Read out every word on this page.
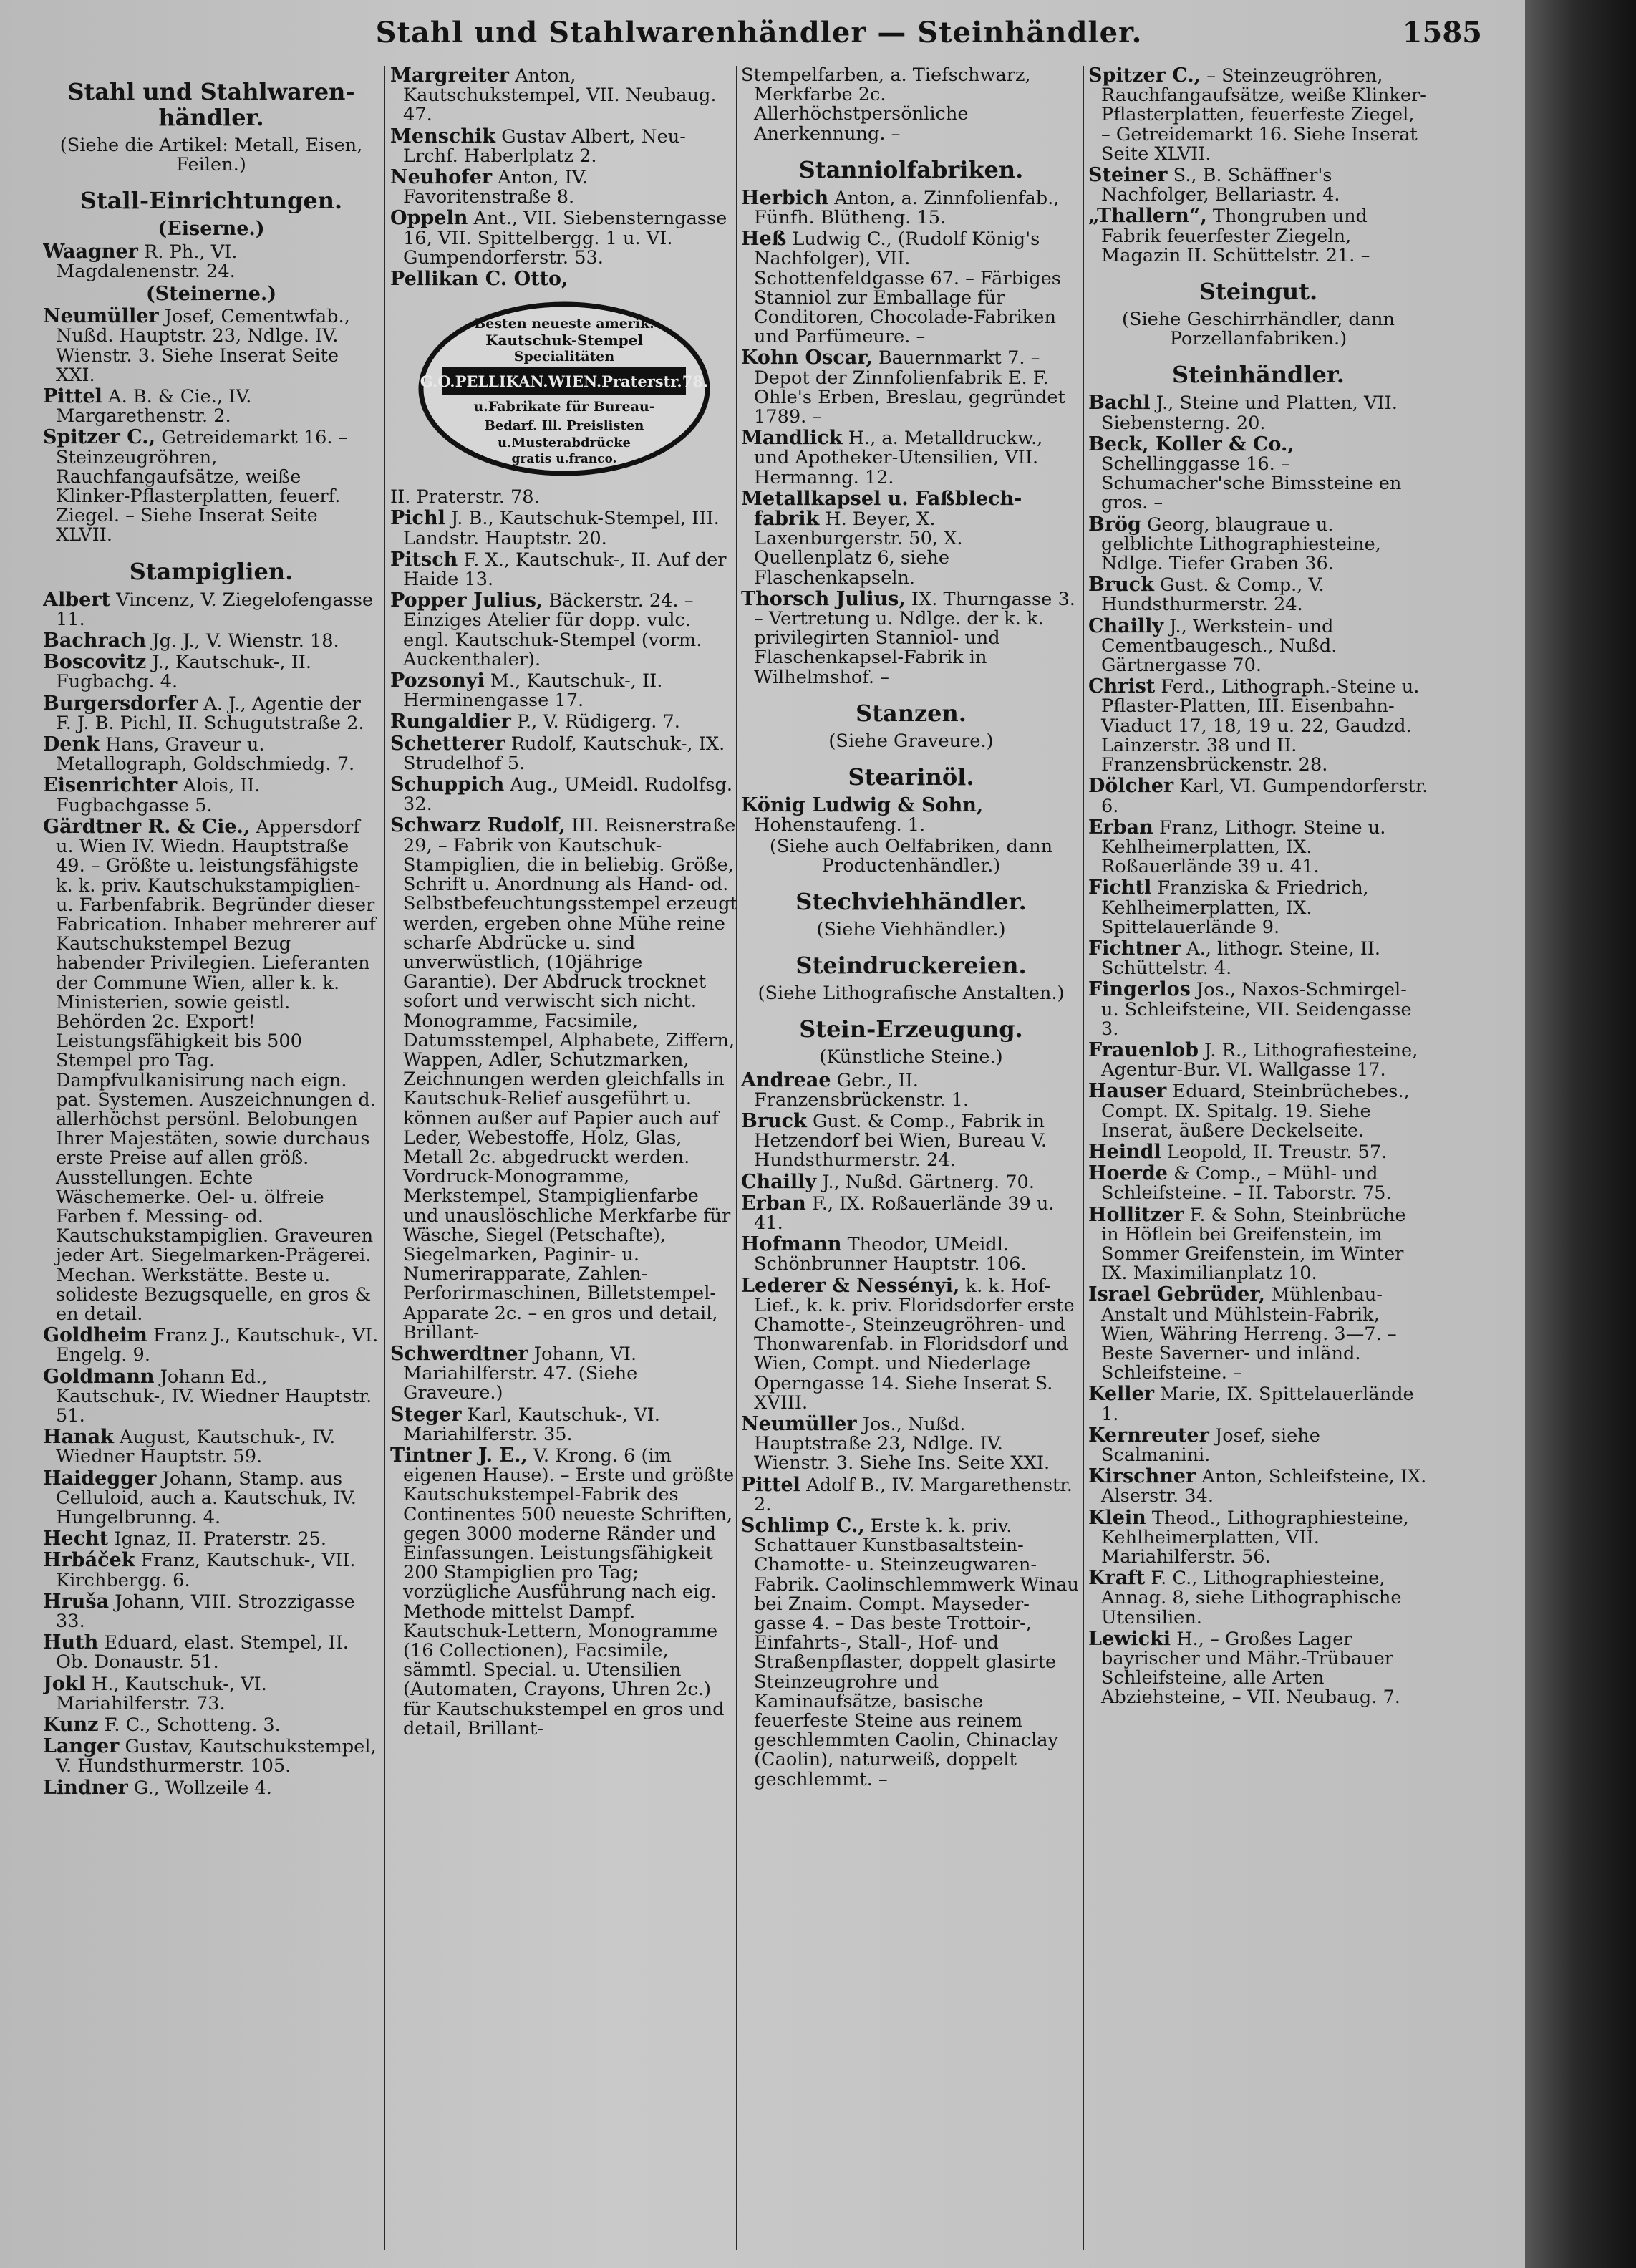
Stahl und Stahlwarenhändler — Steinhändler.	1585
Stahl und Stahlwaren-händler.
(Siehe die Artikel: Metall, Eisen, Feilen.)
Stall-Einrichtungen.
(Eiserne.)
Waagner R. Ph., VI. Magdalenenstr. 24.
(Steinerne.)
Neumüller Josef, Cementwfab., Nußd. Hauptstr. 23, Ndlge. IV. Wienstr. 3. Siehe Inserat Seite XXI.
Pittel A. B. & Cie., IV. Margarethenstr. 2.
Spitzer C., Getreidemarkt 16. – Steinzeugröhren, Rauchfangaufsätze, weiße Klinker-Pflasterplatten, feuerf. Ziegel. – Siehe Inserat Seite XLVII.
Stampiglien.
Albert Vincenz, V. Ziegelofengasse 11.
Bachrach Jg. J., V. Wienstr. 18.
Boscovitz J., Kautschuk-, II. Fugbachg. 4.
Burgersdorfer A. J., Agentie der F. J. B. Pichl, II. Schugutstraße 2.
Denk Hans, Graveur u. Metallograph, Goldschmiedg. 7.
Eisenrichter Alois, II. Fugbachgasse 5.
Gärdtner R. & Cie., Appersdorf u. Wien IV. Wiedn. Hauptstraße 49. – Größte u. leistungsfähigste k. k. priv. Kautschukstampiglien- u. Farbenfabrik. Begründer dieser Fabrication. Inhaber mehrerer auf Kautschukstempel Bezug habender Privilegien. Lieferanten der Commune Wien, aller k. k. Ministerien, sowie geistl. Behörden 2c. Export! Leistungsfähigkeit bis 500 Stempel pro Tag. Dampfvulkanisirung nach eign. pat. Systemen. Auszeichnungen d. allerhöchst persönl. Belobungen Ihrer Majestäten, sowie durchaus erste Preise auf allen größ. Ausstellungen. Echte Wäschemerke. Oel- u. ölfreie Farben f. Messing- od. Kautschukstampiglien. Graveuren jeder Art. Siegelmarken-Prägerei. Mechan. Werkstätte. Beste u. solideste Bezugsquelle, en gros & en detail.
Goldheim Franz J., Kautschuk-, VI. Engelg. 9.
Goldmann Johann Ed., Kautschuk-, IV. Wiedner Hauptstr. 51.
Hanak August, Kautschuk-, IV. Wiedner Hauptstr. 59.
Haidegger Johann, Stamp. aus Celluloid, auch a. Kautschuk, IV. Hungelbrunng. 4.
Hecht Ignaz, II. Praterstr. 25.
Hrbáček Franz, Kautschuk-, VII. Kirchbergg. 6.
Hruša Johann, VIII. Strozzigasse 33.
Huth Eduard, elast. Stempel, II. Ob. Donaustr. 51.
Jokl H., Kautschuk-, VI. Mariahilferstr. 73.
Kunz F. C., Schotteng. 3.
Langer Gustav, Kautschukstempel, V. Hundsthurmerstr. 105.
Lindner G., Wollzeile 4.
Margreiter Anton, Kautschukstempel, VII. Neubaug. 47.
Menschik Gustav Albert, Neu-Lrchf. Haberlplatz 2.
Neuhofer Anton, IV. Favoritenstraße 8.
Oppeln Ant., VII. Siebensterngasse 16, VII. Spittelbergg. 1 u. VI. Gumpendorferstr. 53.
Pellikan C. Otto,
Besten neueste amerik.
Kautschuk-Stempel
Specialitäten
G.O.PELLIKAN.WIEN.Praterstr.78.
u.Fabrikate für Bureau-
Bedarf. Ill. Preislisten
u.Musterabdrücke
gratis u.franco.
II. Praterstr. 78.
Pichl J. B., Kautschuk-Stempel, III. Landstr. Hauptstr. 20.
Pitsch F. X., Kautschuk-, II. Auf der Haide 13.
Popper Julius, Bäckerstr. 24. – Einziges Atelier für dopp. vulc. engl. Kautschuk-Stempel (vorm. Auckenthaler).
Pozsonyi M., Kautschuk-, II. Herminengasse 17.
Rungaldier P., V. Rüdigerg. 7.
Schetterer Rudolf, Kautschuk-, IX. Strudelhof 5.
Schuppich Aug., UMeidl. Rudolfsg. 32.
Schwarz Rudolf, III. Reisnerstraße 29, – Fabrik von Kautschuk-Stampiglien, die in beliebig. Größe, Schrift u. Anordnung als Hand- od. Selbstbefeuchtungsstempel erzeugt werden, ergeben ohne Mühe reine scharfe Abdrücke u. sind unverwüstlich, (10jährige Garantie). Der Abdruck trocknet sofort und verwischt sich nicht. Monogramme, Facsimile, Datumsstempel, Alphabete, Ziffern, Wappen, Adler, Schutzmarken, Zeichnungen werden gleichfalls in Kautschuk-Relief ausgeführt u. können außer auf Papier auch auf Leder, Webestoffe, Holz, Glas, Metall 2c. abgedruckt werden. Vordruck-Monogramme, Merkstempel, Stampiglienfarbe und unauslöschliche Merkfarbe für Wäsche, Siegel (Petschafte), Siegelmarken, Paginir- u. Numerirapparate, Zahlen-Perforirmaschinen, Billetstempel-Apparate 2c. – en gros und detail, Brillant-
Schwerdtner Johann, VI. Mariahilferstr. 47. (Siehe Graveure.)
Steger Karl, Kautschuk-, VI. Mariahilferstr. 35.
Tintner J. E., V. Krong. 6 (im eigenen Hause). – Erste und größte Kautschukstempel-Fabrik des Continentes 500 neueste Schriften, gegen 3000 moderne Ränder und Einfassungen. Leistungsfähigkeit 200 Stampiglien pro Tag; vorzügliche Ausführung nach eig. Methode mittelst Dampf. Kautschuk-Lettern, Monogramme (16 Collectionen), Facsimile, sämmtl. Special. u. Utensilien (Automaten, Crayons, Uhren 2c.) für Kautschukstempel en gros und detail, Brillant-
Stempelfarben, a. Tiefschwarz, Merkfarbe 2c. Allerhöchstpersönliche Anerkennung. –
Stanniolfabriken.
Herbich Anton, a. Zinnfolienfab., Fünfh. Blütheng. 15.
Heß Ludwig C., (Rudolf König's Nachfolger), VII. Schottenfeldgasse 67. – Färbiges Stanniol zur Emballage für Conditoren, Chocolade-Fabriken und Parfümeure. –
Kohn Oscar, Bauernmarkt 7. – Depot der Zinnfolienfabrik E. F. Ohle's Erben, Breslau, gegründet 1789. –
Mandlick H., a. Metalldruckw., und Apotheker-Utensilien, VII. Hermanng. 12.
Metallkapsel u. Faßblech-fabrik H. Beyer, X. Laxenburgerstr. 50, X. Quellenplatz 6, siehe Flaschenkapseln.
Thorsch Julius, IX. Thurngasse 3. – Vertretung u. Ndlge. der k. k. privilegirten Stanniol- und Flaschenkapsel-Fabrik in Wilhelmshof. –
Stanzen.
(Siehe Graveure.)
Stearinöl.
König Ludwig & Sohn, Hohenstaufeng. 1.
(Siehe auch Oelfabriken, dann Productenhändler.)
Stechviehhändler.
(Siehe Viehhändler.)
Steindruckereien.
(Siehe Lithografische Anstalten.)
Stein-Erzeugung.
(Künstliche Steine.)
Andreae Gebr., II. Franzensbrückenstr. 1.
Bruck Gust. & Comp., Fabrik in Hetzendorf bei Wien, Bureau V. Hundsthurmerstr. 24.
Chailly J., Nußd. Gärtnerg. 70.
Erban F., IX. Roßauerlände 39 u. 41.
Hofmann Theodor, UMeidl. Schönbrunner Hauptstr. 106.
Lederer & Nessényi, k. k. Hof-Lief., k. k. priv. Floridsdorfer erste Chamotte-, Steinzeugröhren- und Thonwarenfab. in Floridsdorf und Wien, Compt. und Niederlage Operngasse 14. Siehe Inserat S. XVIII.
Neumüller Jos., Nußd. Hauptstraße 23, Ndlge. IV. Wienstr. 3. Siehe Ins. Seite XXI.
Pittel Adolf B., IV. Margarethenstr. 2.
Schlimp C., Erste k. k. priv. Schattauer Kunstbasaltstein-Chamotte- u. Steinzeugwaren-Fabrik. Caolinschlemmwerk Winau bei Znaim. Compt. Mayseder-gasse 4. – Das beste Trottoir-, Einfahrts-, Stall-, Hof- und Straßenpflaster, doppelt glasirte Steinzeugrohre und Kaminaufsätze, basische feuerfeste Steine aus reinem geschlemmten Caolin, Chinaclay (Caolin), naturweiß, doppelt geschlemmt. –
Spitzer C., – Steinzeugröhren, Rauchfangaufsätze, weiße Klinker-Pflasterplatten, feuerfeste Ziegel, – Getreidemarkt 16. Siehe Inserat Seite XLVII.
Steiner S., B. Schäffner's Nachfolger, Bellariastr. 4.
„Thallern“, Thongruben und Fabrik feuerfester Ziegeln, Magazin II. Schüttelstr. 21. –
Steingut.
(Siehe Geschirrhändler, dann Porzellanfabriken.)
Steinhändler.
Bachl J., Steine und Platten, VII. Siebensterng. 20.
Beck, Koller & Co., Schellinggasse 16. – Schumacher'sche Bimssteine en gros. –
Brög Georg, blaugraue u. gelblichte Lithographiesteine, Ndlge. Tiefer Graben 36.
Bruck Gust. & Comp., V. Hundsthurmerstr. 24.
Chailly J., Werkstein- und Cementbaugesch., Nußd. Gärtnergasse 70.
Christ Ferd., Lithograph.-Steine u. Pflaster-Platten, III. Eisenbahn-Viaduct 17, 18, 19 u. 22, Gaudzd. Lainzerstr. 38 und II. Franzensbrückenstr. 28.
Dölcher Karl, VI. Gumpendorferstr. 6.
Erban Franz, Lithogr. Steine u. Kehlheimerplatten, IX. Roßauerlände 39 u. 41.
Fichtl Franziska & Friedrich, Kehlheimerplatten, IX. Spittelauerlände 9.
Fichtner A., lithogr. Steine, II. Schüttelstr. 4.
Fingerlos Jos., Naxos-Schmirgel- u. Schleifsteine, VII. Seidengasse 3.
Frauenlob J. R., Lithografiesteine, Agentur-Bur. VI. Wallgasse 17.
Hauser Eduard, Steinbrüchebes., Compt. IX. Spitalg. 19. Siehe Inserat, äußere Deckelseite.
Heindl Leopold, II. Treustr. 57.
Hoerde & Comp., – Mühl- und Schleifsteine. – II. Taborstr. 75.
Hollitzer F. & Sohn, Steinbrüche in Höflein bei Greifenstein, im Sommer Greifenstein, im Winter IX. Maximilianplatz 10.
Israel Gebrüder, Mühlenbau-Anstalt und Mühlstein-Fabrik, Wien, Währing Herreng. 3—7. – Beste Saverner- und inländ. Schleifsteine. –
Keller Marie, IX. Spittelauerlände 1.
Kernreuter Josef, siehe Scalmanini.
Kirschner Anton, Schleifsteine, IX. Alserstr. 34.
Klein Theod., Lithographiesteine, Kehlheimerplatten, VII. Mariahilferstr. 56.
Kraft F. C., Lithographiesteine, Annag. 8, siehe Lithographische Utensilien.
Lewicki H., – Großes Lager bayrischer und Mähr.-Trübauer Schleifsteine, alle Arten Abziehsteine, – VII. Neubaug. 7.
